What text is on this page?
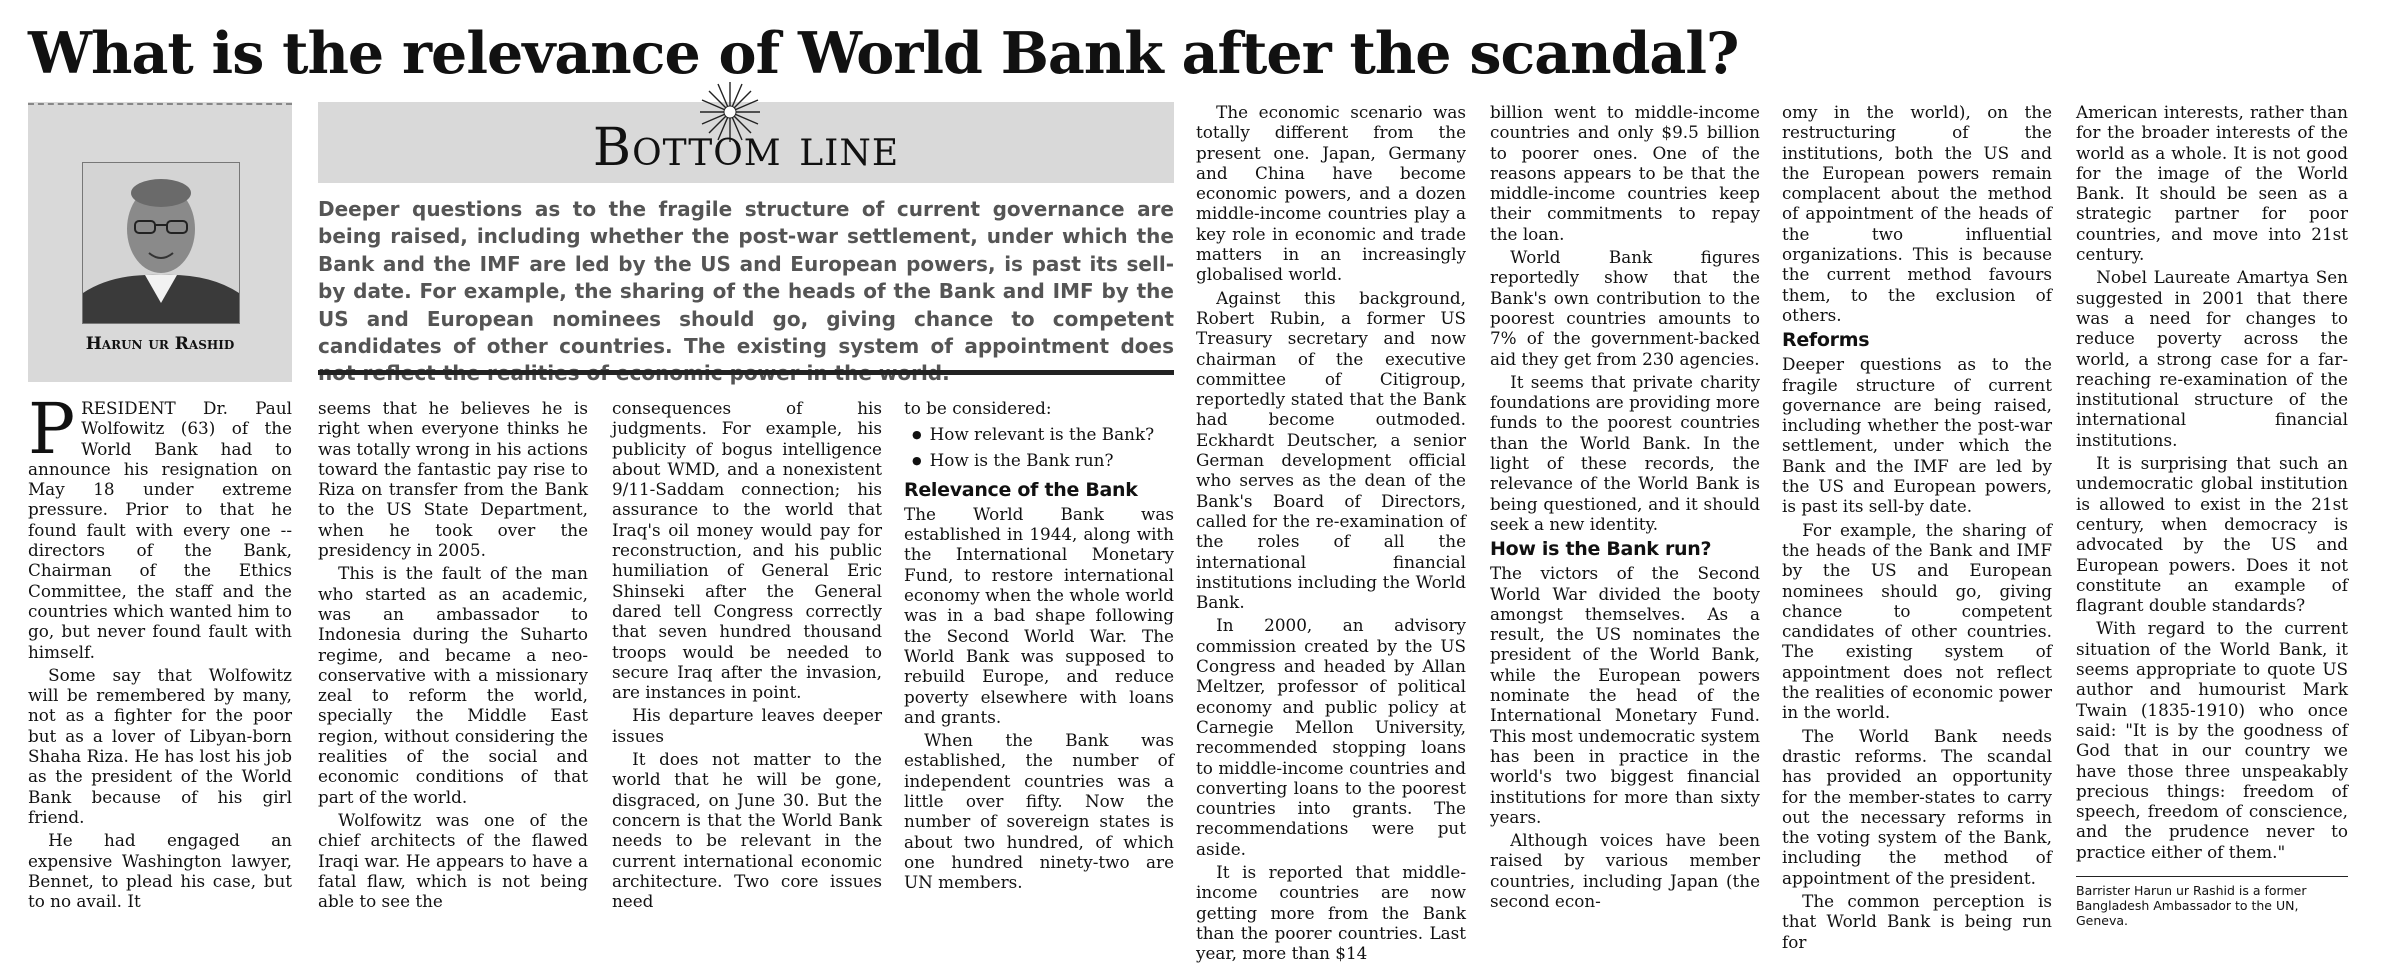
What is the relevance of World Bank after the scandal?
Harun ur Rashid
Bottom line
Deeper questions as to the fragile structure of current governance are being raised, including whether the post-war settlement, under which the Bank and the IMF are led by the US and European powers, is past its sell-by date. For example, the sharing of the heads of the Bank and IMF by the US and European nominees should go, giving chance to competent candidates of other countries. The existing system of appointment does

P RESIDENT Dr. Paul Wolfowitz (63) of the World Bank had to announce his resignation on May 18 under extreme pressure. Prior to that he found fault with every one -- directors of the Bank, Chairman of the Ethics Committee, the staff and the countries which wanted him to go, but never found fault with himself.

Some say that Wolfowitz will be remembered by many, not as a fighter for the poor but as a lover of Libyan-born Shaha Riza. He has lost his job as the president of the World Bank because of his girl friend.

He had engaged an expensive Washington lawyer, Bennet, to plead his case, but to no avail. It

seems that he believes he is right when everyone thinks he was totally wrong in his actions toward the fantastic pay rise to Riza on transfer from the Bank to the US State Department, when he took over the presidency in 2005.

This is the fault of the man who started as an academic, was an ambassador to Indonesia during the Suharto regime, and became a neo-conservative with a missionary zeal to reform the world, specially the Middle East region, without considering the realities of the social and economic conditions of that part of the world.

Wolfowitz was one of the chief architects of the flawed Iraqi war. He appears to have a fatal flaw, which is not being able to see the

consequences of his judgments. For example, his publicity of bogus intelligence about WMD, and a nonexistent 9/11-Saddam connection; his assurance to the world that Iraq's oil money would pay for reconstruction, and his public humiliation of General Eric Shinseki after the General dared tell Congress correctly that seven hundred thousand troops would be needed to secure Iraq after the invasion, are instances in point.

His departure leaves deeper issues

It does not matter to the world that he will be gone, disgraced, on June 30. But the concern is that the World Bank needs to be relevant in the current international economic architecture. Two core issues need

to be considered:

● How relevant is the Bank?
● How is the Bank run?
Relevance of the Bank

The World Bank was established in 1944, along with the International Monetary Fund, to restore international economy when the whole world was in a bad shape following the Second World War. The World Bank was supposed to rebuild Europe, and reduce poverty elsewhere with loans and grants.

When the Bank was established, the number of independent countries was a little over fifty. Now the number of sovereign states is about two hundred, of which one hundred ninety-two are UN members.

The economic scenario was totally different from the present one. Japan, Germany and China have become economic powers, and a dozen middle-income countries play a key role in economic and trade matters in an increasingly globalised world.

Against this background, Robert Rubin, a former US Treasury secretary and now chairman of the executive committee of Citigroup, reportedly stated that the Bank had become outmoded. Eckhardt Deutscher, a senior German development official who serves as the dean of the Bank's Board of Directors, called for the re-examination of the roles of all the international financial institutions including the World Bank.

In 2000, an advisory commission created by the US Congress and headed by Allan Meltzer, professor of political economy and public policy at Carnegie Mellon University, recommended stopping loans to middle-income countries and converting loans to the poorest countries into grants. The recommendations were put aside.

It is reported that middle-income countries are now getting more from the Bank than the poorer countries. Last year, more than $14

billion went to middle-income countries and only $9.5 billion to poorer ones. One of the reasons appears to be that the middle-income countries keep their commitments to repay the loan.

World Bank figures reportedly show that the Bank's own contribution to the poorest countries amounts to 7% of the government-backed aid they get from 230 agencies.

It seems that private charity foundations are providing more funds to the poorest countries than the World Bank. In the light of these records, the relevance of the World Bank is being questioned, and it should seek a new identity.

How is the Bank run?

The victors of the Second World War divided the booty amongst themselves. As a result, the US nominates the president of the World Bank, while the European powers nominate the head of the International Monetary Fund. This most undemocratic system has been in practice in the world's two biggest financial institutions for more than sixty years.

Although voices have been raised by various member countries, including Japan (the second econ-

omy in the world), on the restructuring of the institutions, both the US and the European powers remain complacent about the method of appointment of the heads of the two influential organizations. This is because the current method favours them, to the exclusion of others.

Reforms

Deeper questions as to the fragile structure of current governance are being raised, including whether the post-war settlement, under which the Bank and the IMF are led by the US and European powers, is past its sell-by date.

For example, the sharing of the heads of the Bank and IMF by the US and European nominees should go, giving chance to competent candidates of other countries. The existing system of appointment does not reflect the realities of economic power in the world.

The World Bank needs drastic reforms. The scandal has provided an opportunity for the member-states to carry out the necessary reforms in the voting system of the Bank, including the method of appointment of the president.

The common perception is that World Bank is being run for

American interests, rather than for the broader interests of the world as a whole. It is not good for the image of the World Bank. It should be seen as a strategic partner for poor countries, and move into 21st century.

Nobel Laureate Amartya Sen suggested in 2001 that there was a need for changes to reduce poverty across the world, a strong case for a far-reaching re-examination of the institutional structure of the international financial institutions.

It is surprising that such an undemocratic global institution is allowed to exist in the 21st century, when democracy is advocated by the US and European powers. Does it not constitute an example of flagrant double standards?

With regard to the current situation of the World Bank, it seems appropriate to quote US author and humourist Mark Twain (1835-1910) who once said: "It is by the goodness of God that in our country we have those three unspeakably precious things: freedom of speech, freedom of conscience, and the prudence never to practice either of them."

Barrister Harun ur Rashid is a former Bangladesh Ambassador to the UN, Geneva.
